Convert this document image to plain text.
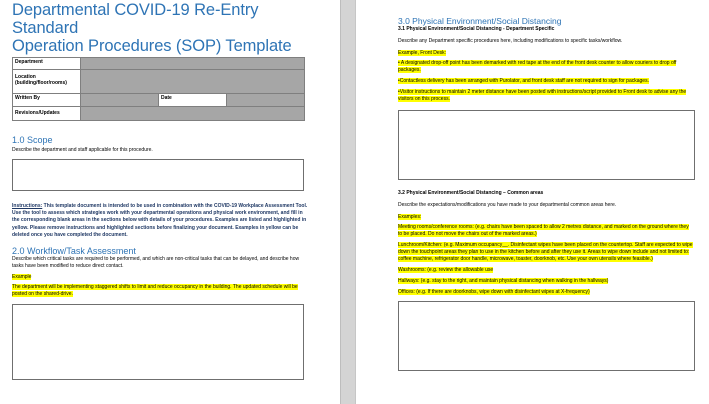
Departmental COVID-19 Re-Entry Standard
Operation Procedures (SOP) Template
Department			
Location (building/floor/rooms)			
Written By		Date	
Revisions/Updates			
1.0 Scope
Describe the department and staff applicable for this procedure.
Instructions: This template document is intended to be used in combination with the COVID-19 Workplace Assessment Tool. Use the tool to assess which strategies work with your departmental operations and physical work environment, and fill in the corresponding blank areas in the sections below with details of your procedures. Examples are listed and highlighted in yellow. Please remove instructions and highlighted sections before finalizing your document. Examples in yellow can be deleted once you have completed the document.
2.0 Workflow/Task Assessment
Describe which critical tasks are required to be performed, and which are non-critical tasks that can be delayed, and describe how tasks have been modified to reduce direct contact.
Example
The department will be implementing staggered shifts to limit and reduce occupancy in the building. The updated schedule will be posted on the shared-drive.
3.0 Physical Environment/Social Distancing
3.1 Physical Environment/Social Distancing - Department Specific
Describe any Department specific procedures here, including modifications to specific tasks/workflow.
Example, Front Desk:
• A designated drop-off point has been demarked with red tape at the end of the front desk counter to allow couriers to drop off packages.
•Contactless delivery has been arranged with Purolator, and front desk staff are not required to sign for packages.
•Visitor instructions to maintain 2 meter distance have been posted with instructions/script provided to Front desk to advise any the visitors on this process.
3.2 Physical Environment/Social Distancing – Common areas
Describe the expectations/modifications you have made to your departmental common areas here.
Examples:
Meeting rooms/conference rooms: (e.g. chairs have been spaced to allow 2 metres distance, and marked on the ground where they to be placed. Do not move the chairs out of the marked areas.)
Lunchroom/Kitchen: (e.g. Maximum occupancy__. Disinfectant wipes have been placed on the countertop. Staff are expected to wipe down the touchpoint areas they plan to use in the kitchen before and after they use it. Areas to wipe down include and not limited to: coffee machine, refrigerator door handle, microwave, toaster, doorknob, etc. Use your own utensils where feasible.)
Washrooms: (e.g. review the allowable use
Hallways: (e.g. stay to the right, and maintain physical distancing when walking in the hallways)
Offices: (e.g. If there are doorknobs, wipe down with disinfectant wipes at X-frequency)
